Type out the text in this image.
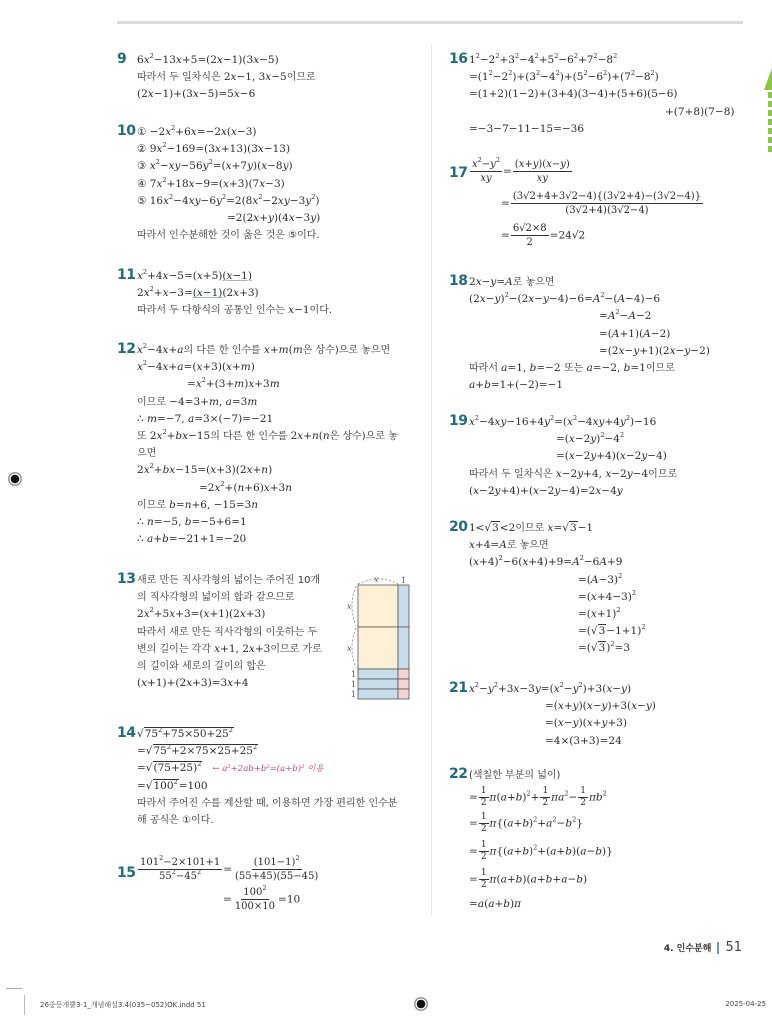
9 $6x^2-13x+5=(2x-1)(3x-5)$
따라서 두 일차식은 2x−1, 3x−5이므로
(2x−1)+(3x−5)=5x−6
10 ① $-2x^2+6x=-2x(x-3)$
② $9x^2-169=(3x+13)(3x-13)$
③ $x^2-xy-56y^2=(x+7y)(x-8y)$
④ $7x^2+18x-9=(x+3)(7x-3)$
⑤ $16x^2-4xy-6y^2=2(8x^2-2xy-3y^2)$
=2(2x+y)(4x−3y)
따라서 인수분해한 것이 옳은 것은 ⑤이다.
11 $x^2+4x-5=(x+5)(x-1)$
$2x^2+x-3=(x-1)(2x+3)$
따라서 두 다항식의 공통인 인수는 x−1이다.
12 $x^2-4x+a$의 다른 한 인수를 x+m(m은 상수)으로 놓으면
$x^2-4x+a=(x+3)(x+m)$
$=x^2+(3+m)x+3m$
이므로 −4=3+m, a=3m
∴ m=−7, a=3×(−7)=−21
또 $2x^2+bx-15$의 다른 한 인수를 2x+n(n은 상수)으로 놓
으면
$2x^2+bx-15=(x+3)(2x+n)$
$=2x^2+(n+6)x+3n$
이므로 b=n+6, −15=3n
∴ n=−5, b=−5+6=1
∴ a+b=−21+1=−20
13 새로 만든 직사각형의 넓이는 주어진 10개
의 직사각형의 넓이의 합과 같으므로
$2x^2+5x+3=(x+1)(2x+3)$
따라서 새로 만든 직사각형의 이웃하는 두
변의 길이는 각각 x+1, 2x+3이므로 가로
의 길이와 세로의 길이의 합은
(x+1)+(2x+3)=3x+4
x	1
x
x
1
1
1
14 $√75^2+75\times 50+25^2$
$=√75^2+2\times 75\times 25+25^2$
$=√(75+25)^2$ ← a²+2ab+b²=(a+b)² 이용
$=√100^2=100$
따라서 주어진 수를 계산할 때, 이용하면 가장 편리한 인수분
해 공식은 ①이다.
$15 \frac{101^2-2\times 101+1}{55^2-45^2} = \frac{(101-1)^2}{(55+45)(55-45)}$
= $\frac{100^2}{100\times 10} =10$
16 $1^2-2^2+3^2-4^2+5^2-6^2+7^2-8^2$
$=(1^2-2^2)+(3^2-4^2)+(5^2-6^2)+(7^2-8^2)$
=(1+2)(1−2)+(3+4)(3−4)+(5+6)(5−6)
+(7+8)(7−8)
=−3−7−11−15=−36
$17 \frac{x^2-y^2}{xy} = \frac{(x+y)(x-y)}{xy}$
= $\frac{(3√2+4+3√2-4)\{(3√2+4)-(3√2-4)\}}{(3√2+4)(3√2-4)}$
= $\frac{6√2\times 8}{2} =24√2$
18 2x−y=A로 놓으면
$(2x-y)^2-(2x-y-4)-6=A^2-(A-4)-6$
$=A^2-A-2$
=(A+1)(A−2)
=(2x−y+1)(2x−y−2)
따라서 a=1, b=−2 또는 a=−2, b=1이므로
a+b=1+(−2)=−1
19 $x^2-4xy-16+4y^2=(x^2-4xy+4y^2)-16$
$=(x-2y)^2-4^2$
=(x−2y+4)(x−2y−4)
따라서 두 일차식은 x−2y+4, x−2y−4이므로
(x−2y+4)+(x−2y−4)=2x−4y
20 1<√3<2이므로 x=√3−1
x+4=A로 놓으면
$(x+4)^2-6(x+4)+9=A^2-6A+9$
$=(A-3)^2$
$=(x+4-3)^2$
$=(x+1)^2$
$=(√3-1+1)^2$
$=(√3)^2=3$
21 $x^2-y^2+3x-3y=(x^2-y^2)+3(x-y)$
=(x+y)(x−y)+3(x−y)
=(x−y)(x+y+3)
=4×(3+3)=24
22 (색칠한 부분의 넓이)
= $\frac{1}{2} \pi(a+b)^2+ \frac{1}{2} \pi a^2- \frac{1}{2} \pi b^2$
= $\frac{1}{2} \pi\{(a+b)^2+a^2-b^2\}$
= $\frac{1}{2} \pi\{(a+b)^2+(a+b)(a-b)\}$
= $\frac{1}{2} \pi(a+b)(a+b+a-b)$
=a(a+b)π
4. 인수분해 51
26중등개뿔3-1_개념해설3.4(035~052)OK.indd 51	2025-04-25
